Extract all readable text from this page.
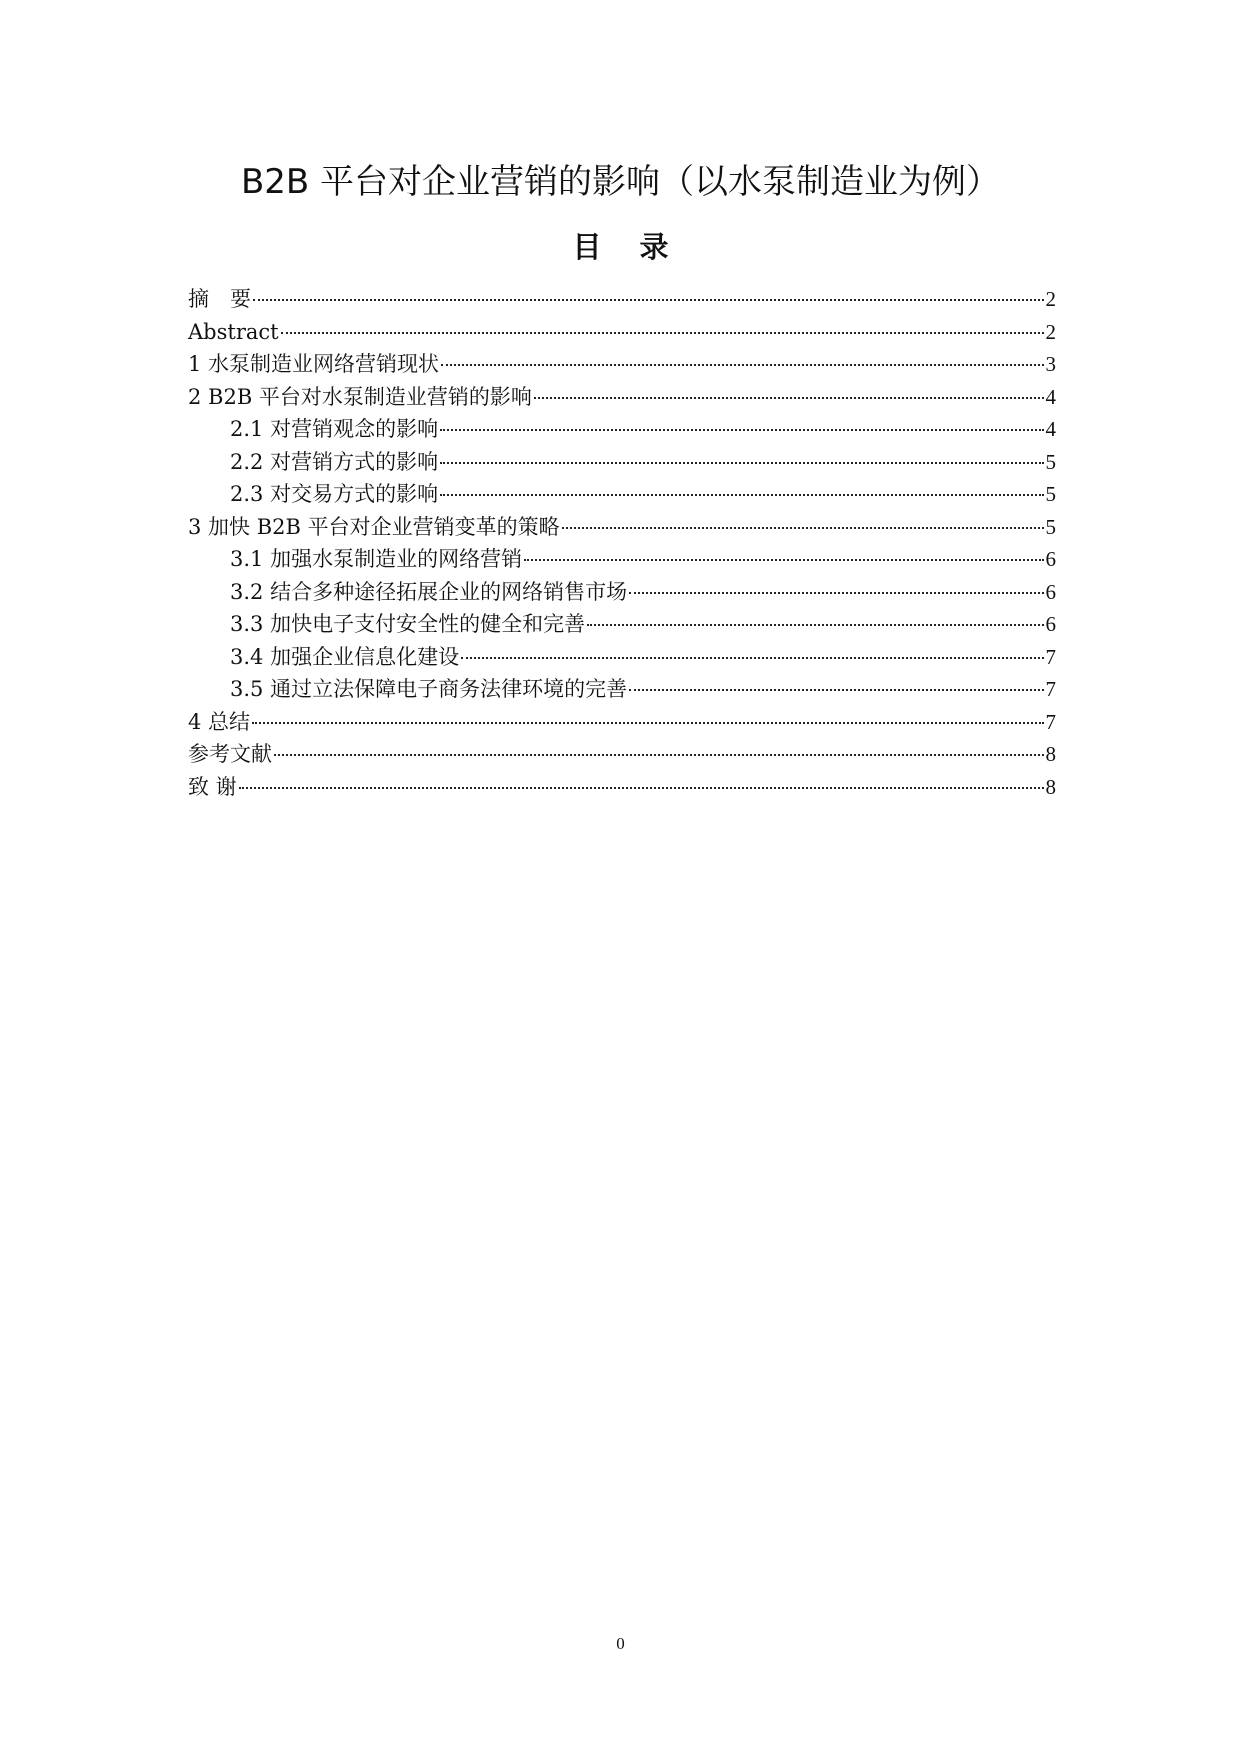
B2B 平台对企业营销的影响（以水泵制造业为例）
目 录
摘　要	2
Abstract	2
1 水泵制造业网络营销现状	3
2 B2B 平台对水泵制造业营销的影响	4
2.1 对营销观念的影响	4
2.2 对营销方式的影响	5
2.3 对交易方式的影响	5
3 加快 B2B 平台对企业营销变革的策略	5
3.1 加强水泵制造业的网络营销	6
3.2 结合多种途径拓展企业的网络销售市场	6
3.3 加快电子支付安全性的健全和完善	6
3.4 加强企业信息化建设	7
3.5 通过立法保障电子商务法律环境的完善	7
4 总结	7
参考文献	8
致 谢	8
0
